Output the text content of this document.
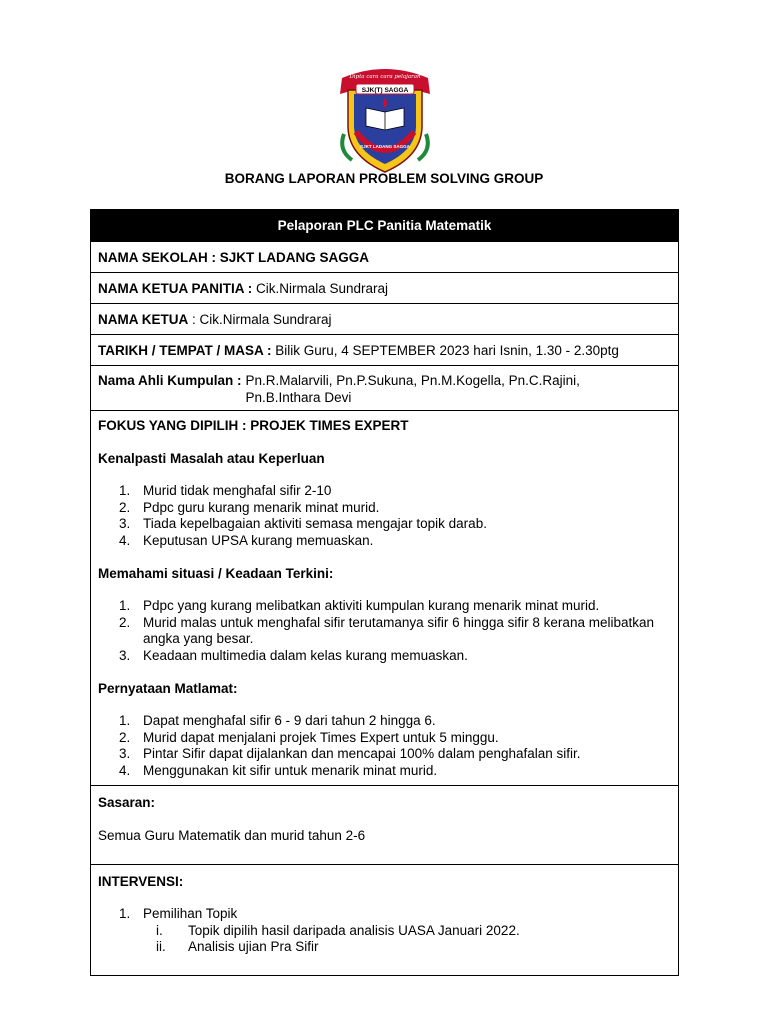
Dipta cara cara pelajaran
SJK(T) SAGGA
SJKT LADANG SAGGA
BORANG LAPORAN PROBLEM SOLVING GROUP
Pelaporan PLC Panitia Matematik
NAMA SEKOLAH : SJKT LADANG SAGGA
NAMA KETUA PANITIA : Cik.Nirmala Sundraraj
NAMA KETUA : Cik.Nirmala Sundraraj
TARIKH / TEMPAT / MASA : Bilik Guru, 4 SEPTEMBER 2023 hari Isnin, 1.30 - 2.30ptg
Nama Ahli Kumpulan : Pn.R.Malarvili, Pn.P.Sukuna, Pn.M.Kogella, Pn.C.Rajini,
Pn.B.Inthara Devi
FOKUS YANG DIPILIH : PROJEK TIMES EXPERT
Kenalpasti Masalah atau Keperluan
1. Murid tidak menghafal sifir 2-10
2. Pdpc guru kurang menarik minat murid.
3. Tiada kepelbagaian aktiviti semasa mengajar topik darab.
4. Keputusan UPSA kurang memuaskan.
Memahami situasi / Keadaan Terkini:
1. Pdpc yang kurang melibatkan aktiviti kumpulan kurang menarik minat murid.
2. Murid malas untuk menghafal sifir terutamanya sifir 6 hingga sifir 8 kerana melibatkan angka yang besar.
3. Keadaan multimedia dalam kelas kurang memuaskan.
Pernyataan Matlamat:
1. Dapat menghafal sifir 6 - 9 dari tahun 2 hingga 6.
2. Murid dapat menjalani projek Times Expert untuk 5 minggu.
3. Pintar Sifir dapat dijalankan dan mencapai 100% dalam penghafalan sifir.
4. Menggunakan kit sifir untuk menarik minat murid.
Sasaran:
Semua Guru Matematik dan murid tahun 2-6
INTERVENSI:
1. Pemilihan Topik
i. Topik dipilih hasil daripada analisis UASA Januari 2022.
ii. Analisis ujian Pra Sifir
